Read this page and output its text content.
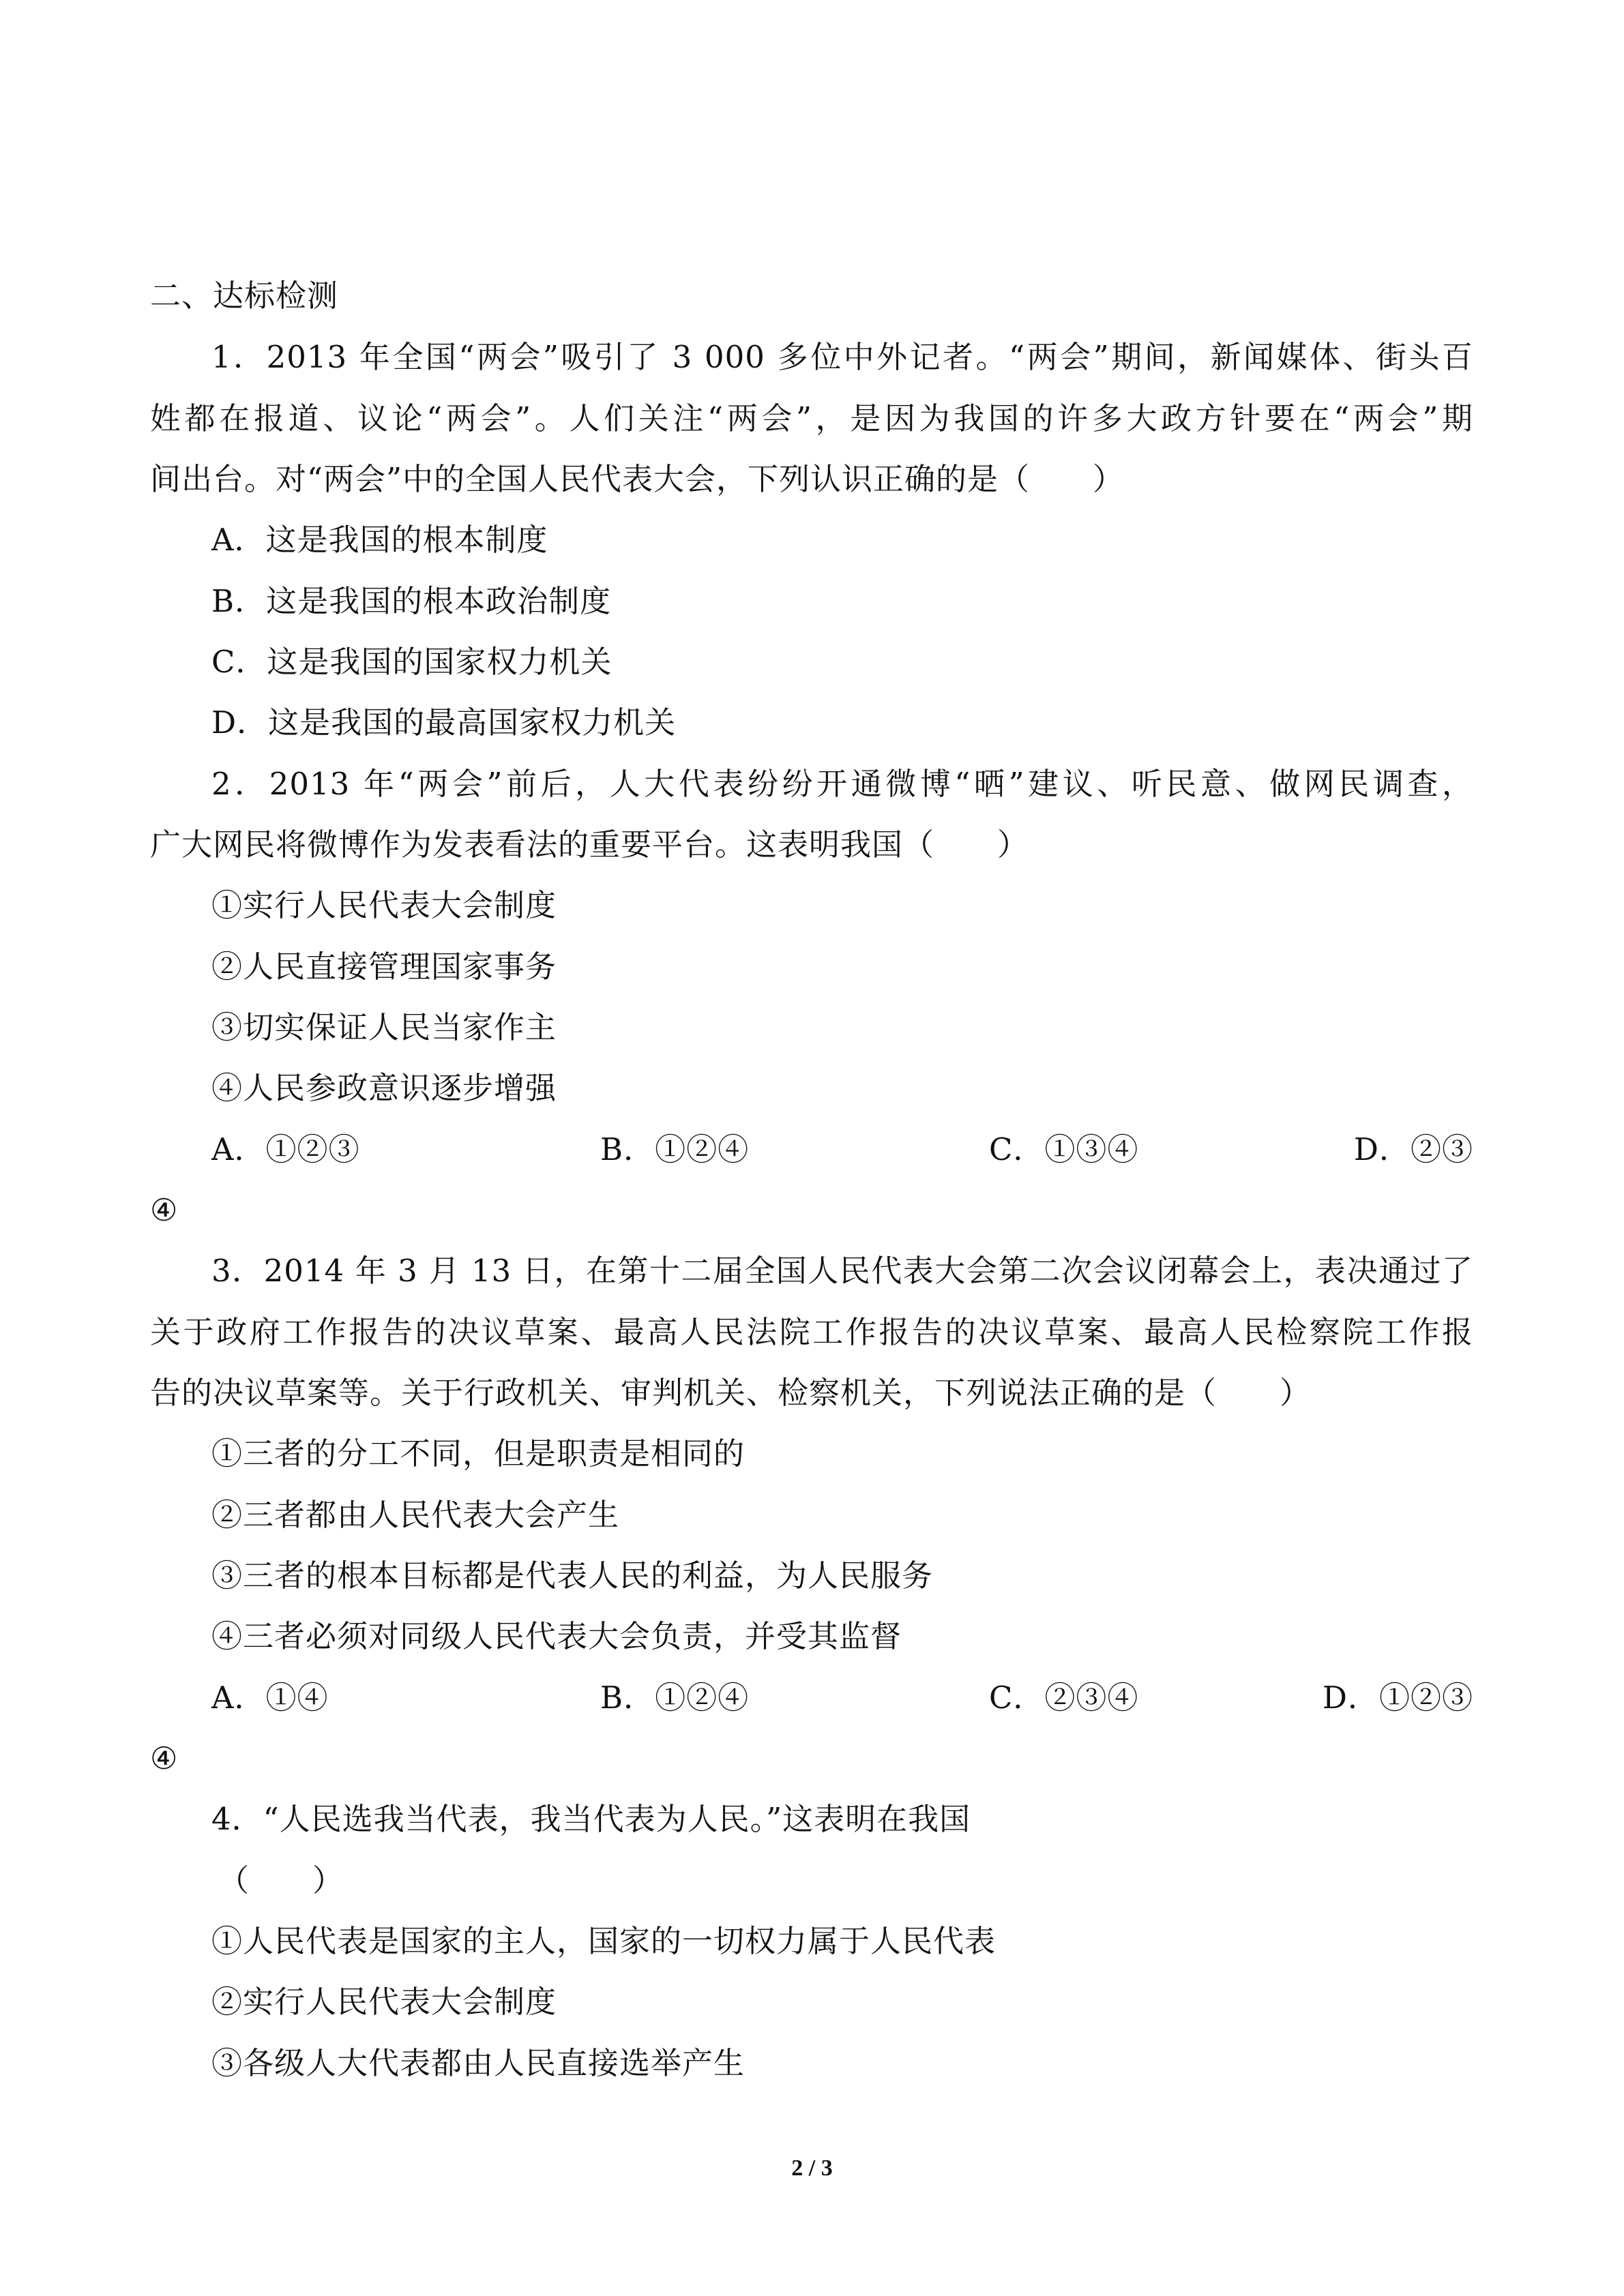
二、达标检测
1．2013 年全国“两会”吸引了 3 000 多位中外记者。“两会”期间，新闻媒体、街头百
姓都在报道、议论“两会”。人们关注“两会”，是因为我国的许多大政方针要在“两会”期
间出台。对“两会”中的全国人民代表大会，下列认识正确的是（　　）
A．这是我国的根本制度
B．这是我国的根本政治制度
C．这是我国的国家权力机关
D．这是我国的最高国家权力机关
2．2013 年“两会”前后，人大代表纷纷开通微博“晒”建议、听民意、做网民调查，
广大网民将微博作为发表看法的重要平台。这表明我国（　　）
①实行人民代表大会制度
②人民直接管理国家事务
③切实保证人民当家作主
④人民参政意识逐步增强
A．①②③	B．①②④	C．①③④	D．②③
④
3．2014 年 3 月 13 日，在第十二届全国人民代表大会第二次会议闭幕会上，表决通过了
关于政府工作报告的决议草案、最高人民法院工作报告的决议草案、最高人民检察院工作报
告的决议草案等。关于行政机关、审判机关、检察机关，下列说法正确的是（　　）
①三者的分工不同，但是职责是相同的
②三者都由人民代表大会产生
③三者的根本目标都是代表人民的利益，为人民服务
④三者必须对同级人民代表大会负责，并受其监督
A．①④	B．①②④	C．②③④	D．①②③
④
4．“人民选我当代表，我当代表为人民。”这表明在我国
（　　）
①人民代表是国家的主人，国家的一切权力属于人民代表
②实行人民代表大会制度
③各级人大代表都由人民直接选举产生
2 / 3
